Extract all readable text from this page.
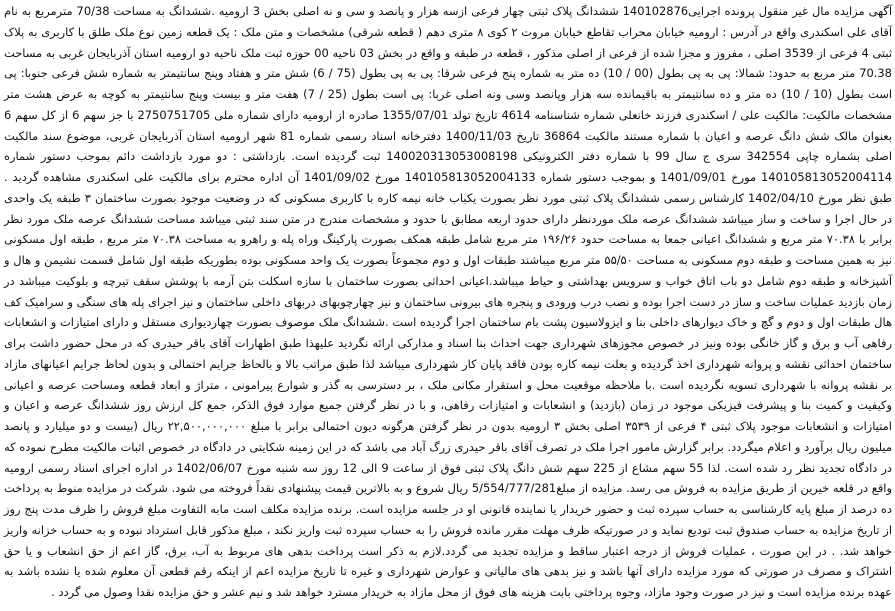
آگهی مزایده مال غیر منقول پرونده اجرایی140102876 ششدانگ پلاک ثبتی چهار فرعی ازسه هزار و پانصد و سی و نه اصلی بخش 3 ارومیه .ششدانگ به مساحت 70/38 مترمربع به نام آقای علی اسکندری واقع در آدرس : ارومیه خیابان محراب تقاطع خیابان مروت ۲ کوی ۸ متری دهم ( قطعه شرقی) مشخصات و متن ملک : یک قطعه زمین نوع ملک طلق با کاربری به پلاک ثبتی 4 فرعی از 3539 اصلی ، مفروز و مجزا شده از فرعی از اصلی مذکور ، قطعه در طبقه و واقع در بخش 03 ناحیه 00 حوزه ثبت ملک ناحیه دو ارومیه استان آذربایجان غربی به مساحت 70.38 متر مربع به حدود: شمالا: پی به پی بطول (00 / 10) ده متر به شماره پنج فرعی شرقا: پی به پی بطول (75 / 6) شش متر و هفتاد وپنج سانتیمتر به شماره شش فرعی جنوبا: پی است بطول (10 / 10) ده متر و ده سانتیمتر به باقیمانده سه هزار وپانصد وسی ونه اصلی غربا: پی است بطول (25 / 7) هفت متر و بیست وپنج سانتیمتر به کوچه به عرض هشت متر مشخصات مالکیت: مالکیت علی / اسکندری فرزند خانعلی شماره شناسنامه 4614 تاریخ تولد 1355/07/01 صادره از ارومیه دارای شماره ملی 2750751705 با جز سهم 6 از کل سهم 6 بعنوان مالک شش دانگ عرصه و اعیان با شماره مستند مالکیت 36864 تاریخ 1400/11/03 دفترخانه اسناد رسمی شماره 81 شهر ارومیه استان آذربایجان غربی، موضوع سند مالکیت اصلی بشماره چاپی 342554 سری ج سال 99 با شماره دفتر الکترونیکی 140020313053008198 ثبت گردیده است. بازداشتی : دو مورد بازداشت دائم بموجب دستور شماره 140105813052004114 مورخ 1401/09/01 و بموجب دستور شماره 140105813052004133 مورخ 1401/09/02 آن اداره محترم برای مالکیت علی اسکندری مشاهده گردید . طبق نظر مورخ 1402/04/10 کارشناس رسمی ششدانگ پلاک ثبتی مورد نظر بصورت یکباب خانه نیمه کاره با کاربری مسکونی که در وضعیت موجود بصورت ساختمان ۳ طبقه یک واحدی در حال اجرا و ساخت و ساز میباشد ششدانگ عرصه ملک موردنظر دارای حدود اربعه مطابق با حدود و مشخصات مندرج در متن سند ثبتی میباشد مساحت ششدانگ عرصه ملک مورد نظر برابر با ۷۰.۳۸ متر مربع و ششدانگ اعیانی جمعا به مساحت حدود ۱۹۶/۲۶ متر مربع شامل طبقه همکف بصورت پارکینگ وراه پله و راهرو به مساحت ۷۰.۳۸ متر مربع ، طبقه اول مسکونی نیز به همین مساحت و طبقه دوم مسکونی به مساحت ۵۵/۵۰ متر مربع میباشند طبقات اول و دوم مجموعاً بصورت یک واحد مسکونی بوده بطوریکه طبقه اول شامل قسمت نشیمن و هال و آشپزخانه و طبقه دوم شامل دو باب اتاق خواب و سرویس بهداشتی و حیاط میباشد.اعیانی احداثی بصورت ساختمان با سازه اسکلت بتن آرمه با پوشش سقف تیرچه و بلوکیت میباشد در زمان بازدید عملیات ساخت و ساز در دست اجرا بوده و نصب درب ورودی و پنجره های بیرونی ساختمان و نیز چهارچوبهای دربهای داخلی ساختمان و نیز اجرای پله های سنگی و سرامیک کف هال طبقات اول و دوم و گچ و خاک دیوارهای داخلی بنا و ایزولاسیون پشت بام ساختمان اجرا گردیده است .ششدانگ ملک موصوف بصورت چهاردیواری مستقل و دارای امتیازات و انشعابات رفاهی آب و برق و گاز خانگی بوده ونیز در خصوص مجوزهای شهرداری جهت احداث بنا اسناد و مدارکی ارائه نگردید علیهذا طبق اظهارات آقای باقر حیدری که در محل حضور داشت برای ساختمان احداثی نقشه و پروانه شهرداری اخذ گردیده و بعلت نیمه کاره بودن فاقد پایان کار شهرداری میباشد لذا طبق مراتب بالا و بالحاظ جرایم احتمالی و بدون لحاظ جرایم اعیانهای مازاد بر نقشه پروانه با شهرداری تسویه نگردیده است .با ملاحظه موقعیت محل و استقرار مکانی ملک ، بر دسترسی به گذر و شوارع پیرامونی ، متراژ و ابعاد قطعه ومساحت عرصه و اعیانی وکیفیت و کمیت بنا و پیشرفت فیزیکی موجود در زمان (بازدید) و انشعابات و امتیازات رفاهی، و با در نظر گرفتن جمیع موارد فوق الذکر، جمع کل ارزش روز ششدانگ عرصه و اعیان و امتیازات و انشعابات موجود پلاک ثبتی ۴ فرعی از ۳۵۳۹ اصلی بخش ۳ ارومیه بدون در نظر گرفتن هرگونه دیون احتمالی برابر با مبلغ ۲۲,۵۰۰,۰۰۰,۰۰۰ ریال (بیست و دو میلیارد و پانصد میلیون ریال برآورد و اعلام میگردد. برابر گزارش مامور اجرا ملک در تصرف آقای باقر حیدری زرگ آباد می باشد که در این زمینه شکایتی در دادگاه در خصوص اثبات مالکیت مطرح نموده که در دادگاه تجدید نظر رد شده است. لذا 55 سهم مشاع از 225 سهم شش دانگ پلاک ثبتی فوق از ساعت 9 الی 12 روز سه شنبه مورخ 1402/06/07 در اداره اجرای اسناد رسمی ارومیه واقع در قلعه خیرین از طریق مزایده به فروش می رسد. مزایده از مبلغ5/554/777/281 ریال شروع و به بالاترین قیمت پیشنهادی نقداً فروخته می شود. شرکت در مزایده منوط به پرداخت ده درصد از مبلغ پایه کارشناسی به حساب سپرده ثبت و حضور خریدار یا نماینده قانونی او در جلسه مزایده است. برنده مزایده مکلف است مابه التفاوت مبلغ فروش را ظرف مدت پنج روز از تاریخ مزایده به حساب صندوق ثبت توديع نمايد و در صورتيكه ظرف مهلت مقرر مانده فروش را به حساب سپرده ثبت واریز نکند ، مبلغ مذکور قابل استرداد نبوده و به حساب خزانه واریز خواهد شد. . در این صورت ، عملیات فروش از درجه اعتبار ساقط و مزایده تجدید می گردد.لازم به ذکر است پرداخت بدهی های مربوط به آب، برق، گاز اعم از حق انشعاب و یا حق اشتراک و مصرف در صورتی که مورد مزایده دارای آنها باشد و نیز بدهی های مالیاتی و عوارض شهرداری و غیره تا تاریخ مزایده اعم از اینکه رقم قطعی آن معلوم شده یا نشده باشد به عهده برنده مزایده است و نیز در صورت وجود مازاد، وجوه پرداختی بابت هزینه های فوق از محل مازاد به خریدار مسترد خواهد شد و نیم عشر و حق مزایده نقدا وصول می گردد .
